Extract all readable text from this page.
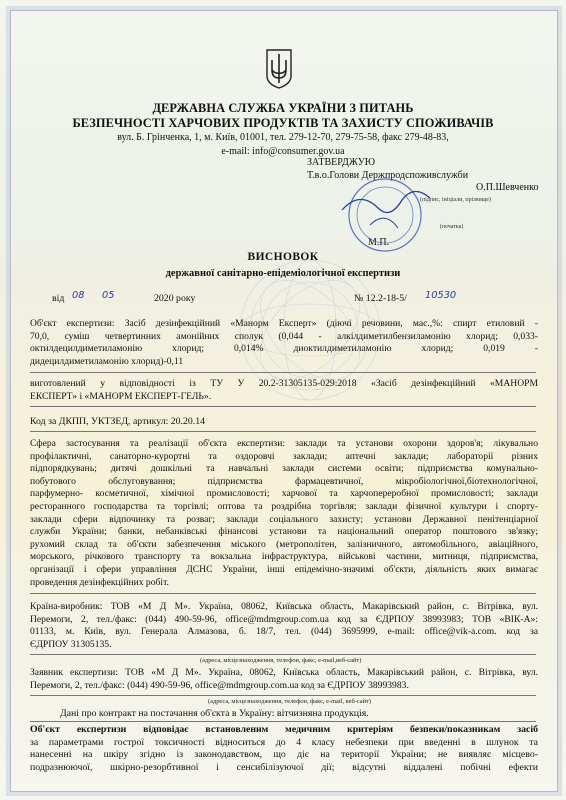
ДЕРЖАВНА СЛУЖБА УКРАЇНИ З ПИТАНЬ
БЕЗПЕЧНОСТІ ХАРЧОВИХ ПРОДУКТІВ ТА ЗАХИСТУ СПОЖИВАЧІВ
вул. Б. Грінченка, 1, м. Київ, 01001, тел. 279-12-70, 279-75-58, факс 279-48-83,
e-mail: info@consumer.gov.ua
ЗАТВЕРДЖУЮ
Т.в.о.Голови Держпродспоживслужби
О.П.Шевченко
(підпис, ініціали, прізвище)
(печатка)
М.П.
ВИСНОВОК
державної санітарно-епідеміологічної експертизи
від 08 05	2020 року	№ 12.2-18-5/ 10530
Об'єкт експертизи: Засіб дезінфекційний «Манорм Експерт» (діючі речовини, мас.,%: спирт етиловий -
70,0, суміш четвертинних амонійних сполук (0,044 - алкілдиметилбензиламонію хлорид; 0,033-
октилдецилдиметиламонію хлорид; 0,014% диоктилдиметиламонію хлорид; 0,019 -
дидецилдиметиламонію хлорид)-0,11
виготовлений у відповідності із ТУ У 20.2-31305135-029:2018 «Засіб дезінфекційний «МАНОРМ
ЕКСПЕРТ» і «МАНОРМ ЕКСПЕРТ-ГЕЛЬ».
Код за ДКПП, УКТЗЕД, артикул: 20.20.14
Сфера застосування та реалізації об'єкта експертизи: заклади та установи охорони здоров'я; лікувально
профілактичні, санаторно-курортні та оздоровчі заклади; аптечні заклади; лабораторії різних
підпорядкувань; дитячі дошкільні та навчальні заклади системи освіти; підприємства комунально-
побутового обслуговування; підприємства фармацевтичної, мікробіологічної,біотехнологічної,
парфумерно- косметичної, хімічної промисловості; харчової та харчопереробної промисловості; заклади
ресторанного господарства та торгівлі; оптова та роздрібна торгівля; заклади фізичної культури і спорту-
заклади сфери відпочинку та розваг; заклади соціального захисту; установи Державної пенітенціарної
служби України; банки, небанківські фінансові установи та національний оператор поштового зв'язку;
рухомий склад та об'єкти забезпечення міського (метрополітен, залізничного, автомобільного, авіаційного,
морського, річкового транспорту та вокзальна інфраструктура, військові частини, митниця, підприємства,
організації і сфери управління ДСНС України, інші епідемічно-значимі об'єкти, діяльність яких вимагає
проведення дезінфекційних робіт.
Країна-виробник: ТОВ «М Д М». Україна, 08062, Київська область, Макарівський район, с. Вітрівка, вул.
Перемоги, 2, тел./факс: (044) 490-59-96, office@mdmgroup.com.ua код за ЄДРПОУ 38993983; ТОВ «ВІК-А»:
01133, м. Київ, вул. Генерала Алмазова, б. 18/7, тел. (044) 3695999, e-mail: office@vik-a.com. код за
ЄДРПОУ 31305135.
(адреса, місцезнаходження, телефон, факс, e-mail,веб-сайт)
Заявник експертизи: ТОВ «М Д М». Україна, 08062, Київська область, Макарівський район, с. Вітрівка, вул.
Перемоги, 2, тел./факс: (044) 490-59-96, office@mdmgroup.com.ua код за ЄДРПОУ 38993983.
(адреса, місцезнаходження, телефон, факс, e-mail, веб-сайт)
Дані про контракт на постачання об'єкта в Україну: вітчизняна продукція.
Об'єкт експертизи відповідає встановленим медичним критеріям безпеки/показникам засіб
за параметрами гострої токсичності відноситься до 4 класу небезпеки при введенні в шлунок та
нанесенні на шкіру згідно із законодавством, що діє на території України; не виявляє місцево-
подразнюючої, шкірно-резорбтивної і сенсибілізуючої дії; відсутні віддалені побічні ефекти
